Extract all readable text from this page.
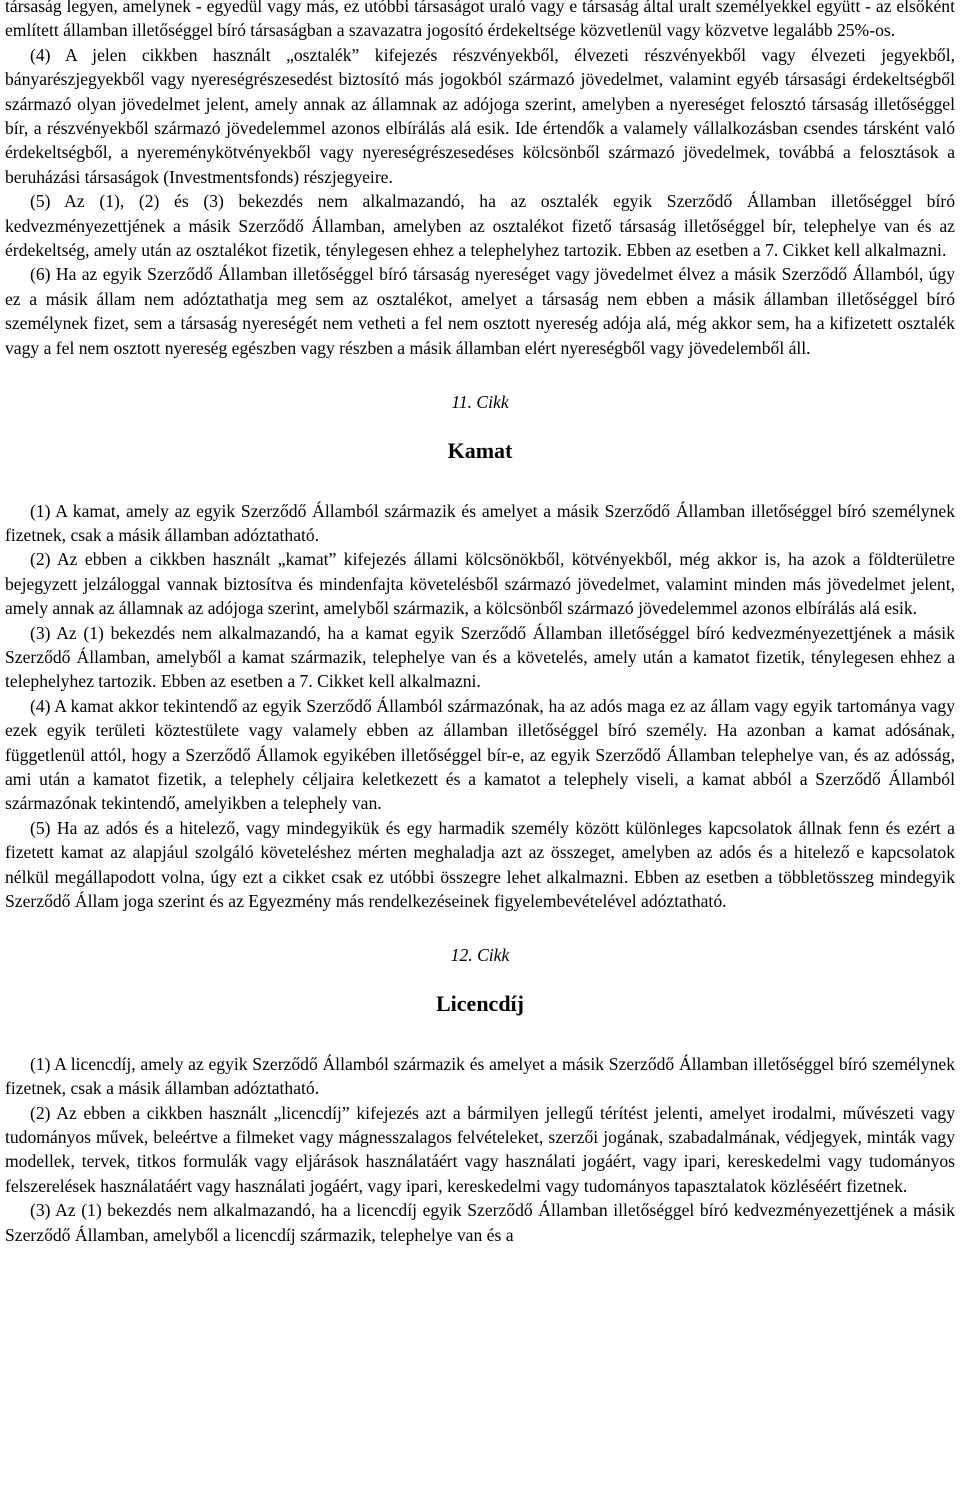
társaság legyen, amelynek - egyedül vagy más, ez utóbbi társaságot uraló vagy e társaság által uralt személyekkel együtt - az elsőként említett államban illetőséggel bíró társaságban a szavazatra jogosító érdekeltsége közvetlenül vagy közvetve legalább 25%-os.

(4) A jelen cikkben használt „osztalék” kifejezés részvényekből, élvezeti részvényekből vagy élvezeti jegyekből, bányarészjegyekből vagy nyereségrészesedést biztosító más jogokból származó jövedelmet, valamint egyéb társasági érdekeltségből származó olyan jövedelmet jelent, amely annak az államnak az adójoga szerint, amelyben a nyereséget felosztó társaság illetőséggel bír, a részvényekből származó jövedelemmel azonos elbírálás alá esik. Ide értendők a valamely vállalkozásban csendes társként való érdekeltségből, a nyereménykötvényekből vagy nyereségrészesedéses kölcsönből származó jövedelmek, továbbá a felosztások a beruházási társaságok (Investmentsfonds) részjegyeire.

(5) Az (1), (2) és (3) bekezdés nem alkalmazandó, ha az osztalék egyik Szerződő Államban illetőséggel bíró kedvezményezettjének a másik Szerződő Államban, amelyben az osztalékot fizető társaság illetőséggel bír, telephelye van és az érdekeltség, amely után az osztalékot fizetik, ténylegesen ehhez a telephelyhez tartozik. Ebben az esetben a 7. Cikket kell alkalmazni.

(6) Ha az egyik Szerződő Államban illetőséggel bíró társaság nyereséget vagy jövedelmet élvez a másik Szerződő Államból, úgy ez a másik állam nem adóztathatja meg sem az osztalékot, amelyet a társaság nem ebben a másik államban illetőséggel bíró személynek fizet, sem a társaság nyereségét nem vetheti a fel nem osztott nyereség adója alá, még akkor sem, ha a kifizetett osztalék vagy a fel nem osztott nyereség egészben vagy részben a másik államban elért nyereségből vagy jövedelemből áll.

11. Cikk
Kamat

(1) A kamat, amely az egyik Szerződő Államból származik és amelyet a másik Szerződő Államban illetőséggel bíró személynek fizetnek, csak a másik államban adóztatható.

(2) Az ebben a cikkben használt „kamat” kifejezés állami kölcsönökből, kötvényekből, még akkor is, ha azok a földterületre bejegyzett jelzáloggal vannak biztosítva és mindenfajta követelésből származó jövedelmet, valamint minden más jövedelmet jelent, amely annak az államnak az adójoga szerint, amelyből származik, a kölcsönből származó jövedelemmel azonos elbírálás alá esik.

(3) Az (1) bekezdés nem alkalmazandó, ha a kamat egyik Szerződő Államban illetőséggel bíró kedvezményezettjének a másik Szerződő Államban, amelyből a kamat származik, telephelye van és a követelés, amely után a kamatot fizetik, ténylegesen ehhez a telephelyhez tartozik. Ebben az esetben a 7. Cikket kell alkalmazni.

(4) A kamat akkor tekintendő az egyik Szerződő Államból származónak, ha az adós maga ez az állam vagy egyik tartománya vagy ezek egyik területi köztestülete vagy valamely ebben az államban illetőséggel bíró személy. Ha azonban a kamat adósának, függetlenül attól, hogy a Szerződő Államok egyikében illetőséggel bír-e, az egyik Szerződő Államban telephelye van, és az adósság, ami után a kamatot fizetik, a telephely céljaira keletkezett és a kamatot a telephely viseli, a kamat abból a Szerződő Államból származónak tekintendő, amelyikben a telephely van.

(5) Ha az adós és a hitelező, vagy mindegyikük és egy harmadik személy között különleges kapcsolatok állnak fenn és ezért a fizetett kamat az alapjául szolgáló követeléshez mérten meghaladja azt az összeget, amelyben az adós és a hitelező e kapcsolatok nélkül megállapodott volna, úgy ezt a cikket csak ez utóbbi összegre lehet alkalmazni. Ebben az esetben a többletösszeg mindegyik Szerződő Állam joga szerint és az Egyezmény más rendelkezéseinek figyelembevételével adóztatható.

12. Cikk
Licencdíj

(1) A licencdíj, amely az egyik Szerződő Államból származik és amelyet a másik Szerződő Államban illetőséggel bíró személynek fizetnek, csak a másik államban adóztatható.

(2) Az ebben a cikkben használt „licencdíj” kifejezés azt a bármilyen jellegű térítést jelenti, amelyet irodalmi, művészeti vagy tudományos művek, beleértve a filmeket vagy mágnesszalagos felvételeket, szerzői jogának, szabadalmának, védjegyek, minták vagy modellek, tervek, titkos formulák vagy eljárások használatáért vagy használati jogáért, vagy ipari, kereskedelmi vagy tudományos felszerelések használatáért vagy használati jogáért, vagy ipari, kereskedelmi vagy tudományos tapasztalatok közléséért fizetnek.

(3) Az (1) bekezdés nem alkalmazandó, ha a licencdíj egyik Szerződő Államban illetőséggel bíró kedvezményezettjének a másik Szerződő Államban, amelyből a licencdíj származik, telephelye van és a
